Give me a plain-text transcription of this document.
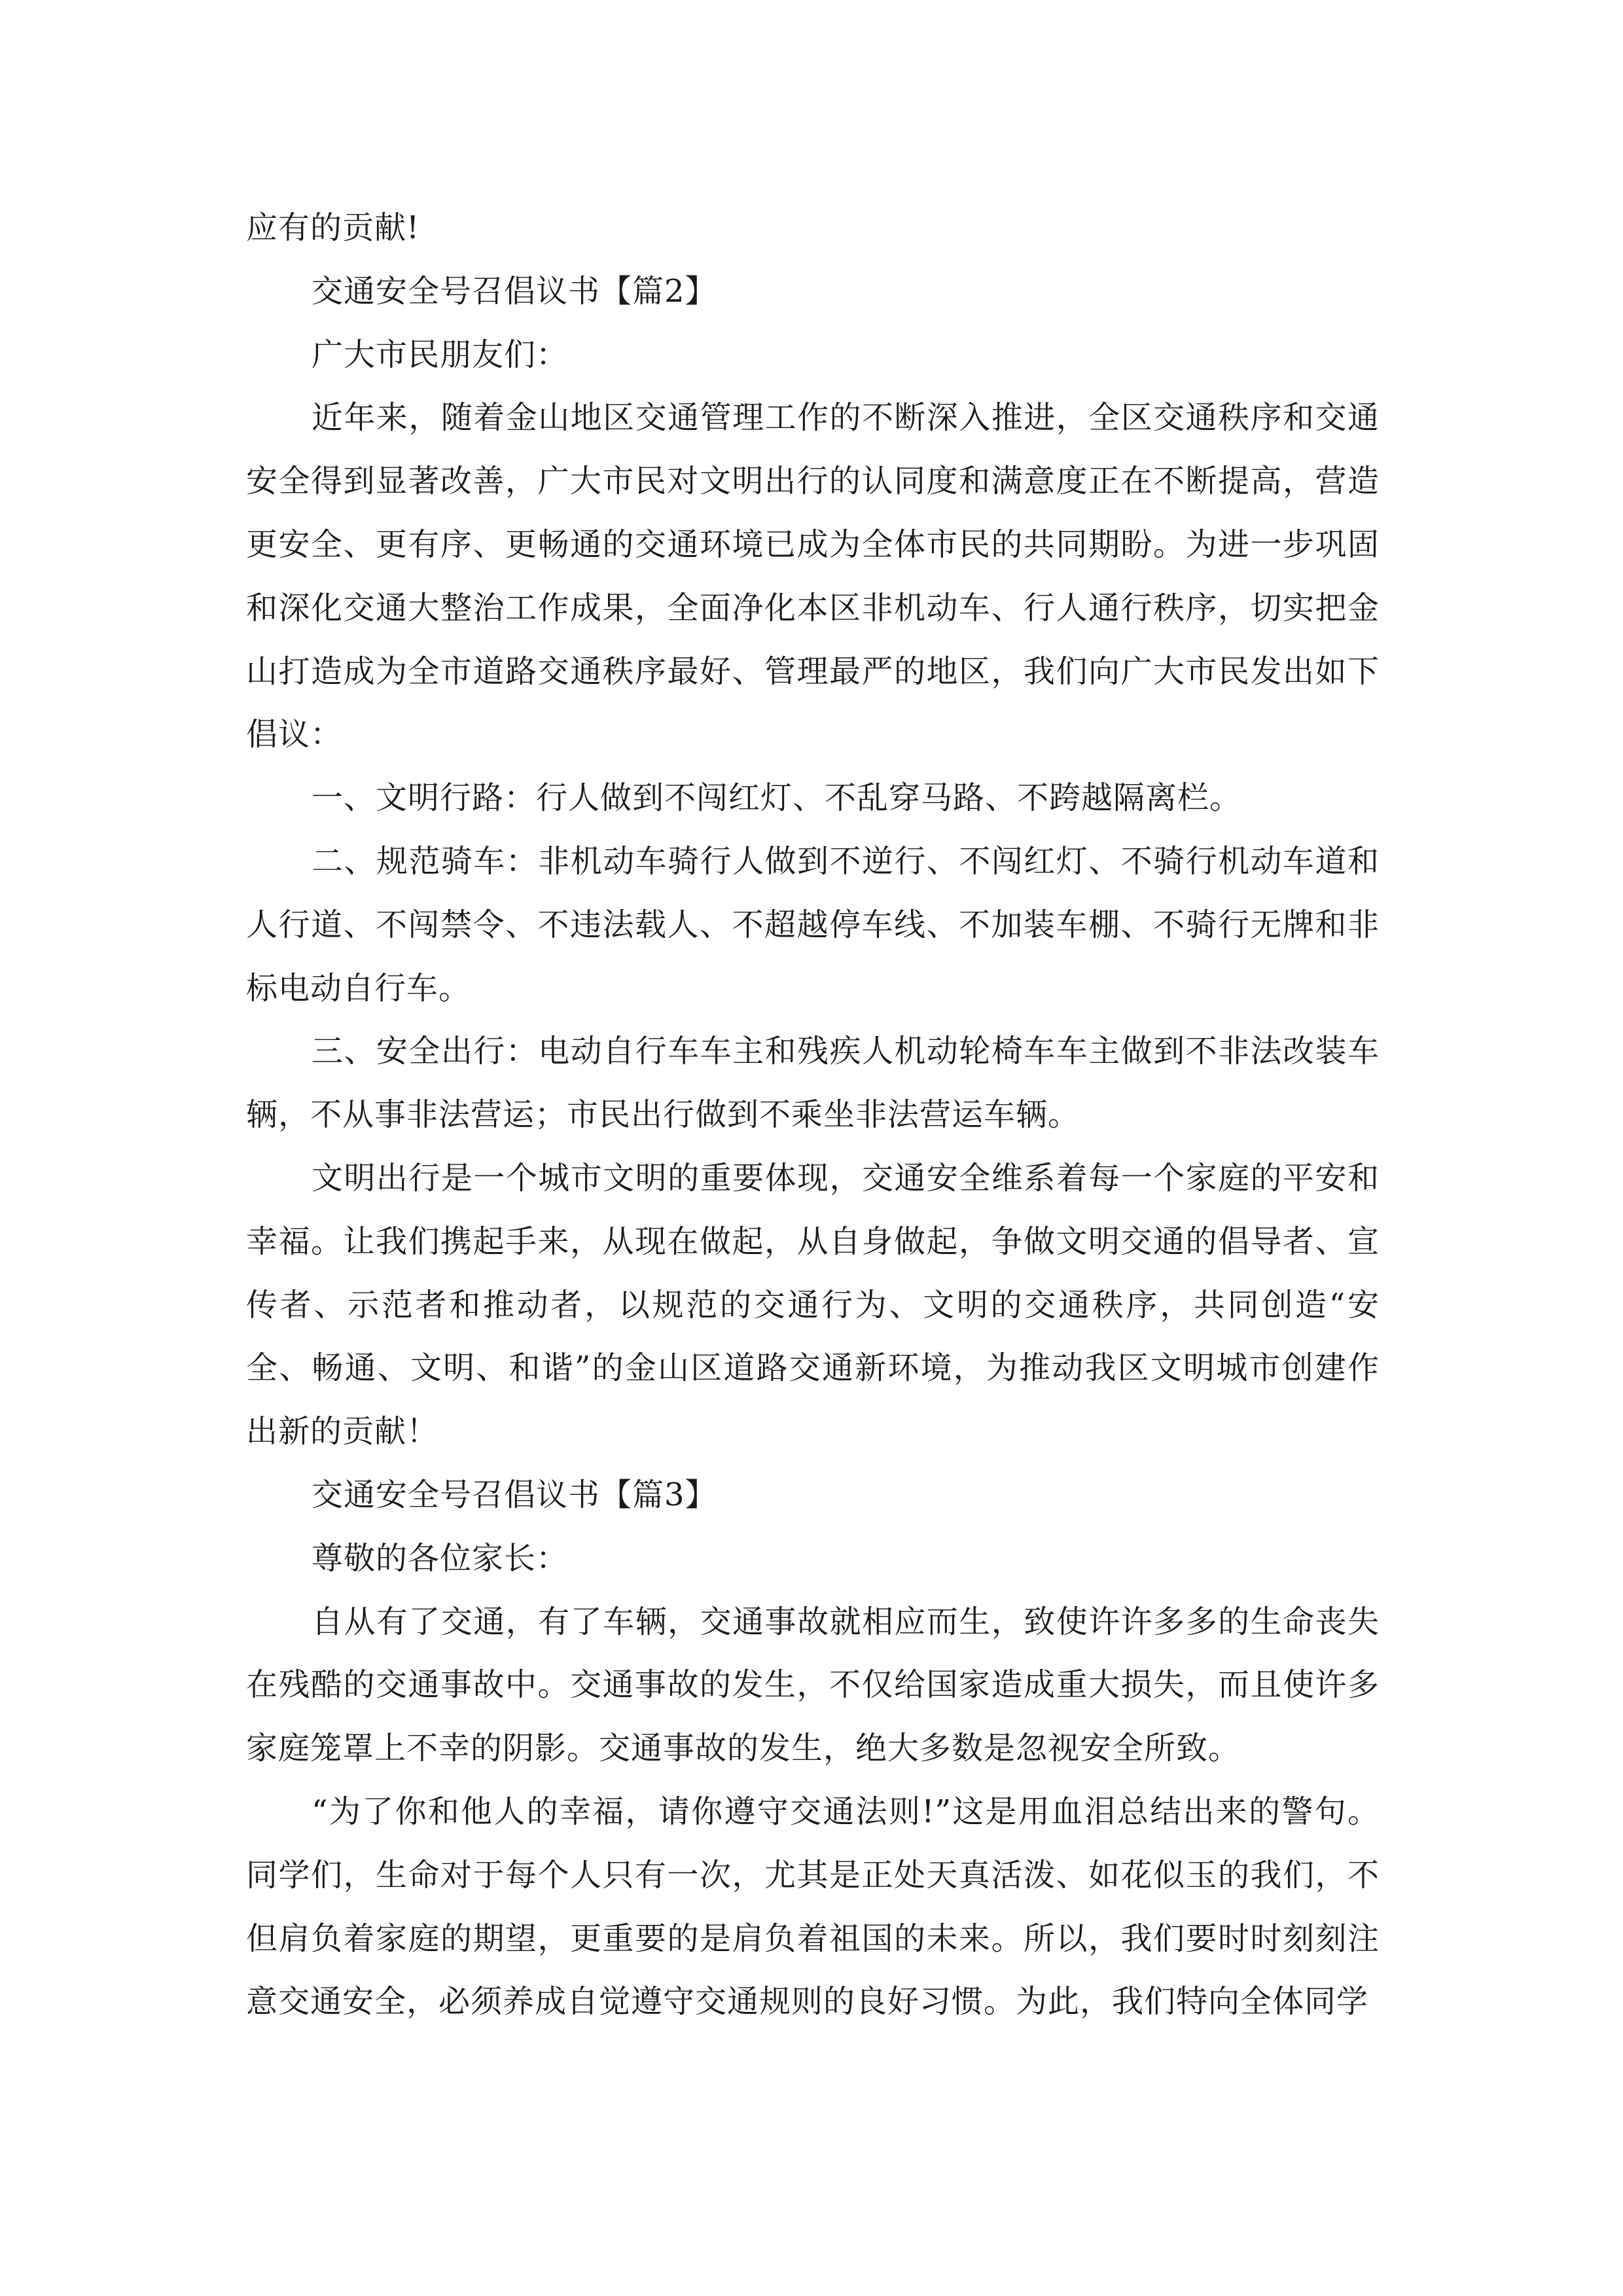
应有的贡献!

交通安全号召倡议书【篇2】

广大市民朋友们：

近年来，随着金山地区交通管理工作的不断深入推进，全区交通秩序和交通安全得到显著改善，广大市民对文明出行的认同度和满意度正在不断提高，营造更安全、更有序、更畅通的交通环境已成为全体市民的共同期盼。为进一步巩固和深化交通大整治工作成果，全面净化本区非机动车、行人通行秩序，切实把金山打造成为全市道路交通秩序最好、管理最严的地区，我们向广大市民发出如下倡议：

一、文明行路：行人做到不闯红灯、不乱穿马路、不跨越隔离栏。

二、规范骑车：非机动车骑行人做到不逆行、不闯红灯、不骑行机动车道和人行道、不闯禁令、不违法载人、不超越停车线、不加装车棚、不骑行无牌和非标电动自行车。

三、安全出行：电动自行车车主和残疾人机动轮椅车车主做到不非法改装车辆，不从事非法营运；市民出行做到不乘坐非法营运车辆。

文明出行是一个城市文明的重要体现，交通安全维系着每一个家庭的平安和幸福。让我们携起手来，从现在做起，从自身做起，争做文明交通的倡导者、宣传者、示范者和推动者，以规范的交通行为、文明的交通秩序，共同创造“安全、畅通、文明、和谐”的金山区道路交通新环境，为推动我区文明城市创建作出新的贡献！

交通安全号召倡议书【篇3】

尊敬的各位家长：

自从有了交通，有了车辆，交通事故就相应而生，致使许许多多的生命丧失在残酷的交通事故中。交通事故的发生，不仅给国家造成重大损失，而且使许多家庭笼罩上不幸的阴影。交通事故的发生，绝大多数是忽视安全所致。

“为了你和他人的幸福，请你遵守交通法则!”这是用血泪总结出来的警句。同学们，生命对于每个人只有一次，尤其是正处天真活泼、如花似玉的我们，不但肩负着家庭的期望，更重要的是肩负着祖国的未来。所以，我们要时时刻刻注意交通安全，必须养成自觉遵守交通规则的良好习惯。为此，我们特向全体同学
